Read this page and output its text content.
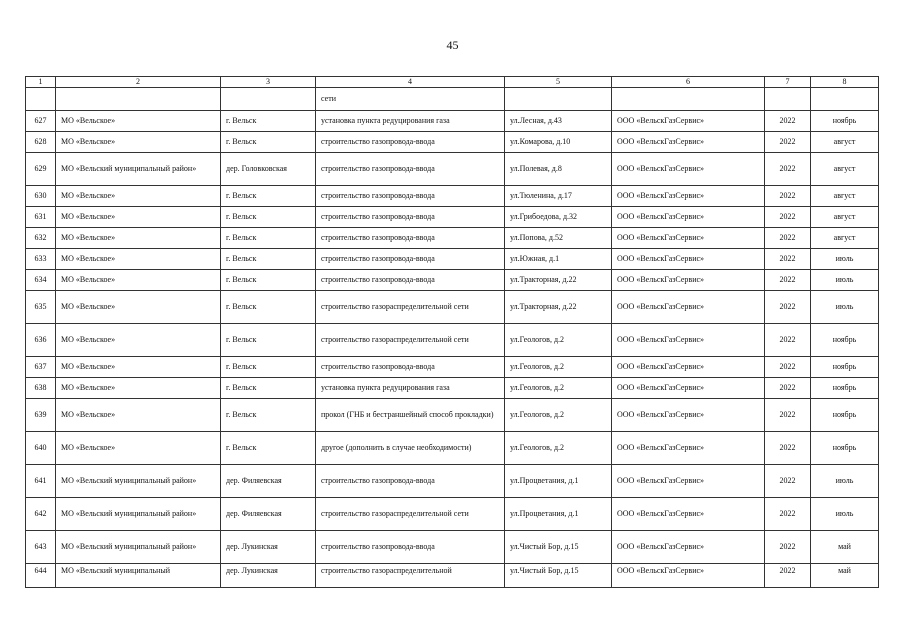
45
1	2	3	4	5	6	7	8
			сети				
627	МО «Вельское»	г. Вельск	установка пункта редуцирования газа	ул.Лесная, д.43	ООО «ВельскГазСервис»	2022	ноябрь
628	МО «Вельское»	г. Вельск	строительство газопровода-ввода	ул.Комарова, д.10	ООО «ВельскГазСервис»	2022	август
629	МО «Вельский муниципальный район»	дер. Головковская	строительство газопровода-ввода	ул.Полевая, д.8	ООО «ВельскГазСервис»	2022	август
630	МО «Вельское»	г. Вельск	строительство газопровода-ввода	ул.Тюленина, д.17	ООО «ВельскГазСервис»	2022	август
631	МО «Вельское»	г. Вельск	строительство газопровода-ввода	ул.Грибоедова, д.32	ООО «ВельскГазСервис»	2022	август
632	МО «Вельское»	г. Вельск	строительство газопровода-ввода	ул.Попова, д.52	ООО «ВельскГазСервис»	2022	август
633	МО «Вельское»	г. Вельск	строительство газопровода-ввода	ул.Южная, д.1	ООО «ВельскГазСервис»	2022	июль
634	МО «Вельское»	г. Вельск	строительство газопровода-ввода	ул.Тракторная, д.22	ООО «ВельскГазСервис»	2022	июль
635	МО «Вельское»	г. Вельск	строительство газораспределительной сети	ул.Тракторная, д.22	ООО «ВельскГазСервис»	2022	июль
636	МО «Вельское»	г. Вельск	строительство газораспределительной сети	ул.Геологов, д.2	ООО «ВельскГазСервис»	2022	ноябрь
637	МО «Вельское»	г. Вельск	строительство газопровода-ввода	ул.Геологов, д.2	ООО «ВельскГазСервис»	2022	ноябрь
638	МО «Вельское»	г. Вельск	установка пункта редуцирования газа	ул.Геологов, д.2	ООО «ВельскГазСервис»	2022	ноябрь
639	МО «Вельское»	г. Вельск	прокол (ГНБ и бестраншейный способ прокладки)	ул.Геологов, д.2	ООО «ВельскГазСервис»	2022	ноябрь
640	МО «Вельское»	г. Вельск	другое (дополнить в случае необходимости)	ул.Геологов, д.2	ООО «ВельскГазСервис»	2022	ноябрь
641	МО «Вельский муниципальный район»	дер. Филяевская	строительство газопровода-ввода	ул.Процветания, д.1	ООО «ВельскГазСервис»	2022	июль
642	МО «Вельский муниципальный район»	дер. Филяевская	строительство газораспределительной сети	ул.Процветания, д.1	ООО «ВельскГазСервис»	2022	июль
643	МО «Вельский муниципальный район»	дер. Лукинская	строительство газопровода-ввода	ул.Чистый Бор, д.15	ООО «ВельскГазСервис»	2022	май
644	МО «Вельский муниципальный	дер. Лукинская	строительство газораспределительной	ул.Чистый Бор, д.15	ООО «ВельскГазСервис»	2022	май
